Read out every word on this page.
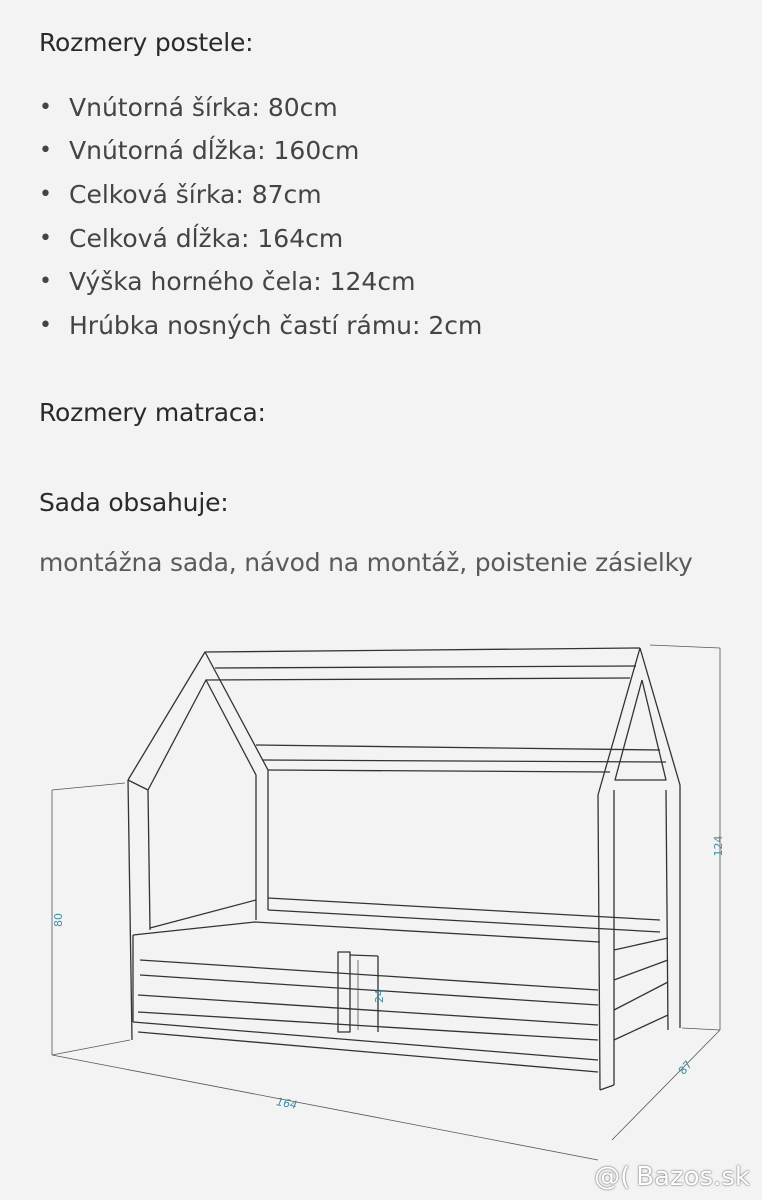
Rozmery postele:
• Vnútorná šírka: 80cm
• Vnútorná dĺžka: 160cm
• Celková šírka: 87cm
• Celková dĺžka: 164cm
• Výška horného čela: 124cm
• Hrúbka nosných častí rámu: 2cm
Rozmery matraca:
Sada obsahuje:
montážna sada, návod na montáž, poistenie zásielky
80
124
24
164
87
@( Bazos.sk
